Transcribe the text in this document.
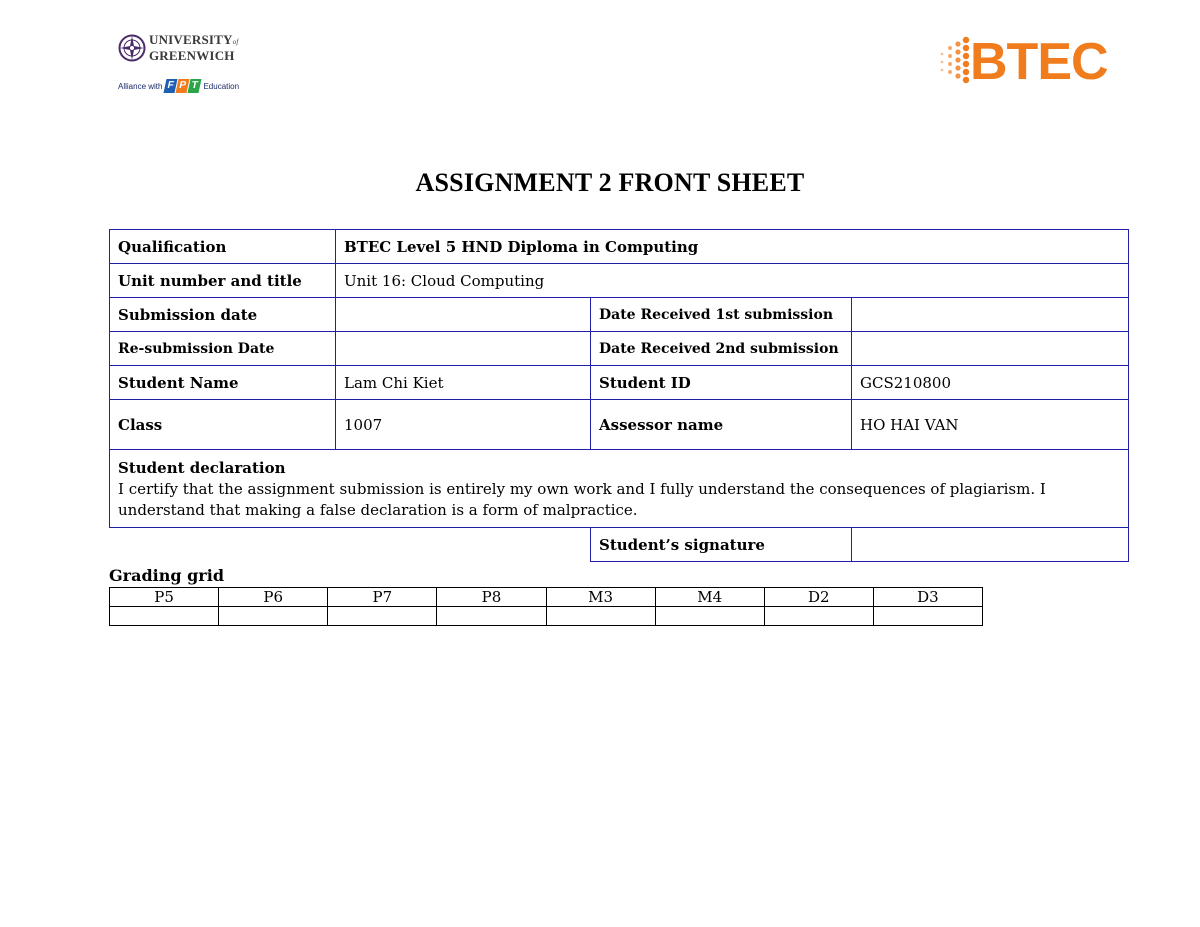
UNIVERSITYof
GREENWICH
Alliance with F P T Education	BTEC
ASSIGNMENT 2 FRONT SHEET
Qualification	BTEC Level 5 HND Diploma in Computing		
Unit number and title	Unit 16: Cloud Computing		
Submission date		Date Received 1st submission	
Re-submission Date		Date Received 2nd submission	
Student Name	Lam Chi Kiet	Student ID	GCS210800
Class	1007	Assessor name	HO HAI VAN

Student declaration
I certify that the assignment submission is entirely my own work and I fully understand the consequences of plagiarism. I understand that making a false declaration is a form of malpractice.			
		Student’s signature	
Grading grid
P5	P6	P7	P8	M3	M4	D2	D3
